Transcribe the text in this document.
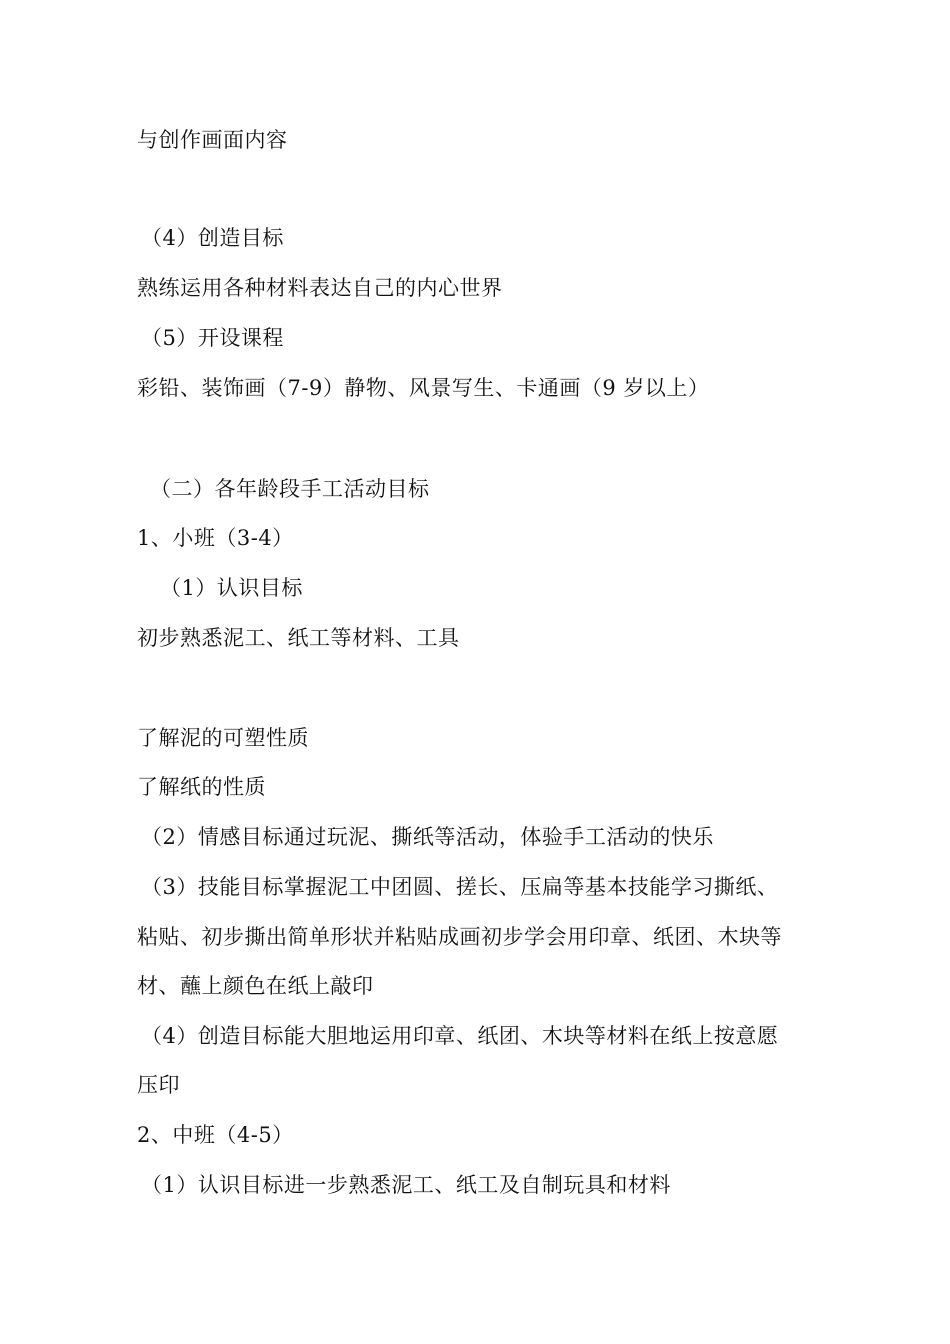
与创作画面内容
（4）创造目标
熟练运用各种材料表达自己的内心世界
（5）开设课程
彩铅、装饰画（7-9）静物、风景写生、卡通画（9 岁以上）
（二）各年龄段手工活动目标
1、小班（3-4）
（1）认识目标
初步熟悉泥工、纸工等材料、工具
了解泥的可塑性质
了解纸的性质
（2）情感目标通过玩泥、撕纸等活动，体验手工活动的快乐
（3）技能目标掌握泥工中团圆、搓长、压扁等基本技能学习撕纸、
粘贴、初步撕出简单形状并粘贴成画初步学会用印章、纸团、木块等
材、蘸上颜色在纸上敲印
（4）创造目标能大胆地运用印章、纸团、木块等材料在纸上按意愿
压印
2、中班（4-5）
（1）认识目标进一步熟悉泥工、纸工及自制玩具和材料
